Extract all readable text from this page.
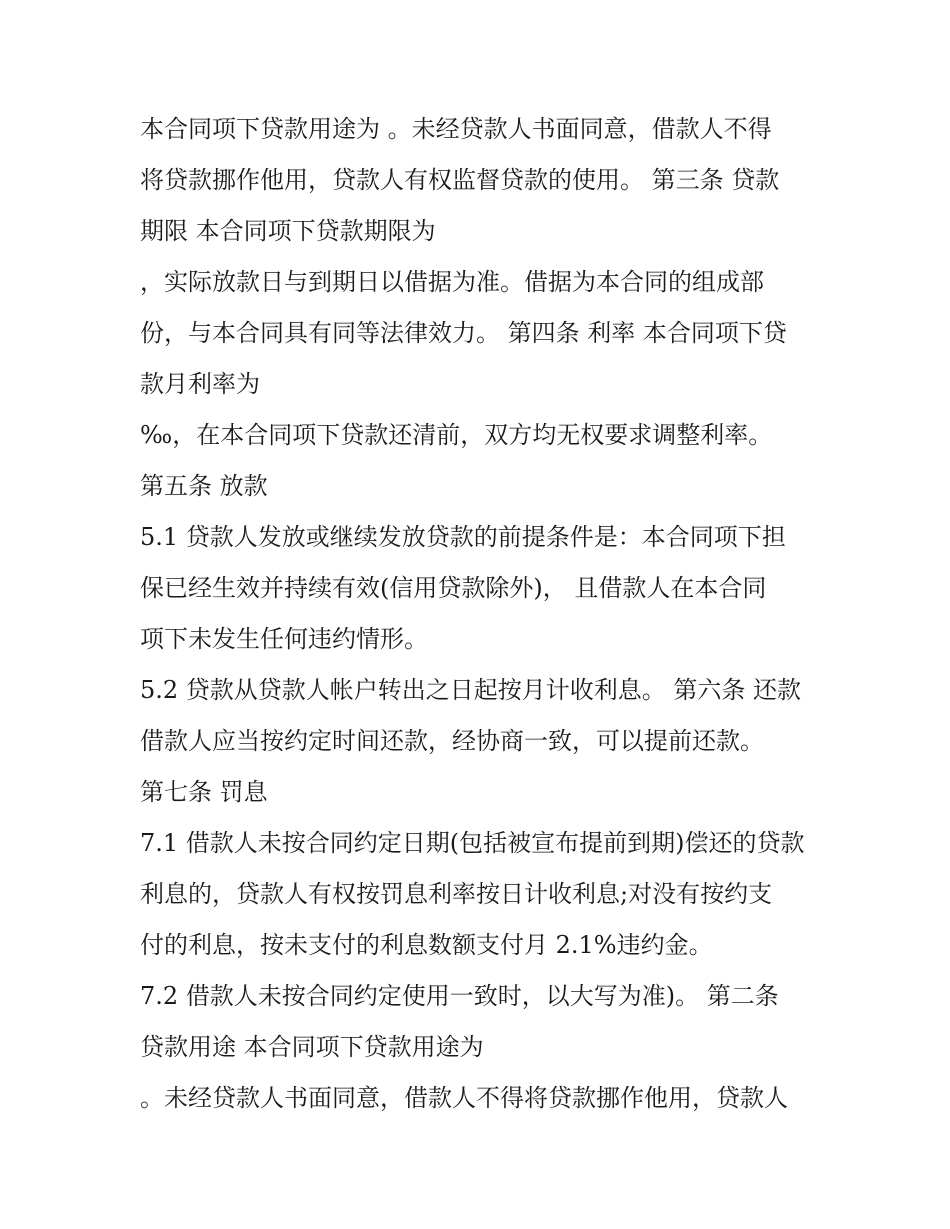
本合同项下贷款用途为 。未经贷款人书面同意，借款人不得
将贷款挪作他用，贷款人有权监督贷款的使用。 第三条 贷款
期限 本合同项下贷款期限为
，实际放款日与到期日以借据为准。借据为本合同的组成部
份，与本合同具有同等法律效力。 第四条 利率 本合同项下贷
款月利率为
‰，在本合同项下贷款还清前，双方均无权要求调整利率。
第五条 放款
5.1 贷款人发放或继续发放贷款的前提条件是：本合同项下担
保已经生效并持续有效(信用贷款除外)， 且借款人在本合同
项下未发生任何违约情形。
5.2 贷款从贷款人帐户转出之日起按月计收利息。 第六条 还款
借款人应当按约定时间还款，经协商一致，可以提前还款。
第七条 罚息
7.1 借款人未按合同约定日期(包括被宣布提前到期)偿还的贷款
利息的，贷款人有权按罚息利率按日计收利息;对没有按约支
付的利息，按未支付的利息数额支付月 2.1%违约金。
7.2 借款人未按合同约定使用一致时，以大写为准)。 第二条
贷款用途 本合同项下贷款用途为
。未经贷款人书面同意，借款人不得将贷款挪作他用，贷款人
